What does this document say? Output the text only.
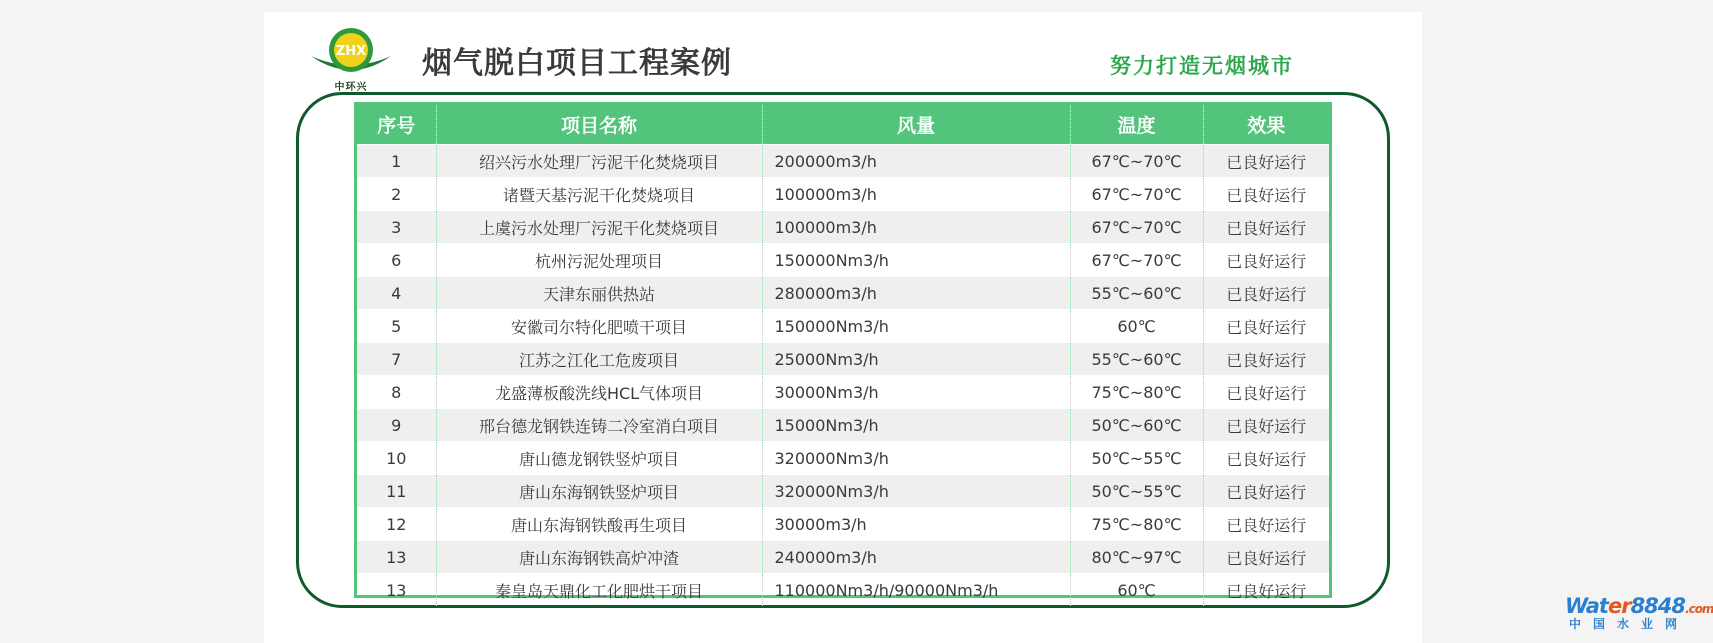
ZHX
中环兴
烟气脱白项目工程案例	努力打造无烟城市
序号	项目名称	风量	温度	效果
1	绍兴污水处理厂污泥干化焚烧项目	200000m3/h	67℃~70℃	已良好运行
2	诸暨天基污泥干化焚烧项目	100000m3/h	67℃~70℃	已良好运行
3	上虞污水处理厂污泥干化焚烧项目	100000m3/h	67℃~70℃	已良好运行
6	杭州污泥处理项目	150000Nm3/h	67℃~70℃	已良好运行
4	天津东丽供热站	280000m3/h	55℃~60℃	已良好运行
5	安徽司尔特化肥喷干项目	150000Nm3/h	60℃	已良好运行
7	江苏之江化工危废项目	25000Nm3/h	55℃~60℃	已良好运行
8	龙盛薄板酸洗线HCL气体项目	30000Nm3/h	75℃~80℃	已良好运行
9	邢台德龙钢铁连铸二冷室消白项目	15000Nm3/h	50℃~60℃	已良好运行
10	唐山德龙钢铁竖炉项目	320000Nm3/h	50℃~55℃	已良好运行
11	唐山东海钢铁竖炉项目	320000Nm3/h	50℃~55℃	已良好运行
12	唐山东海钢铁酸再生项目	30000m3/h	75℃~80℃	已良好运行
13	唐山东海钢铁高炉冲渣	240000m3/h	80℃~97℃	已良好运行
13	秦皇岛天鼎化工化肥烘干项目	110000Nm3/h/90000Nm3/h	60℃	已良好运行
Water8848.com
中国水业网
